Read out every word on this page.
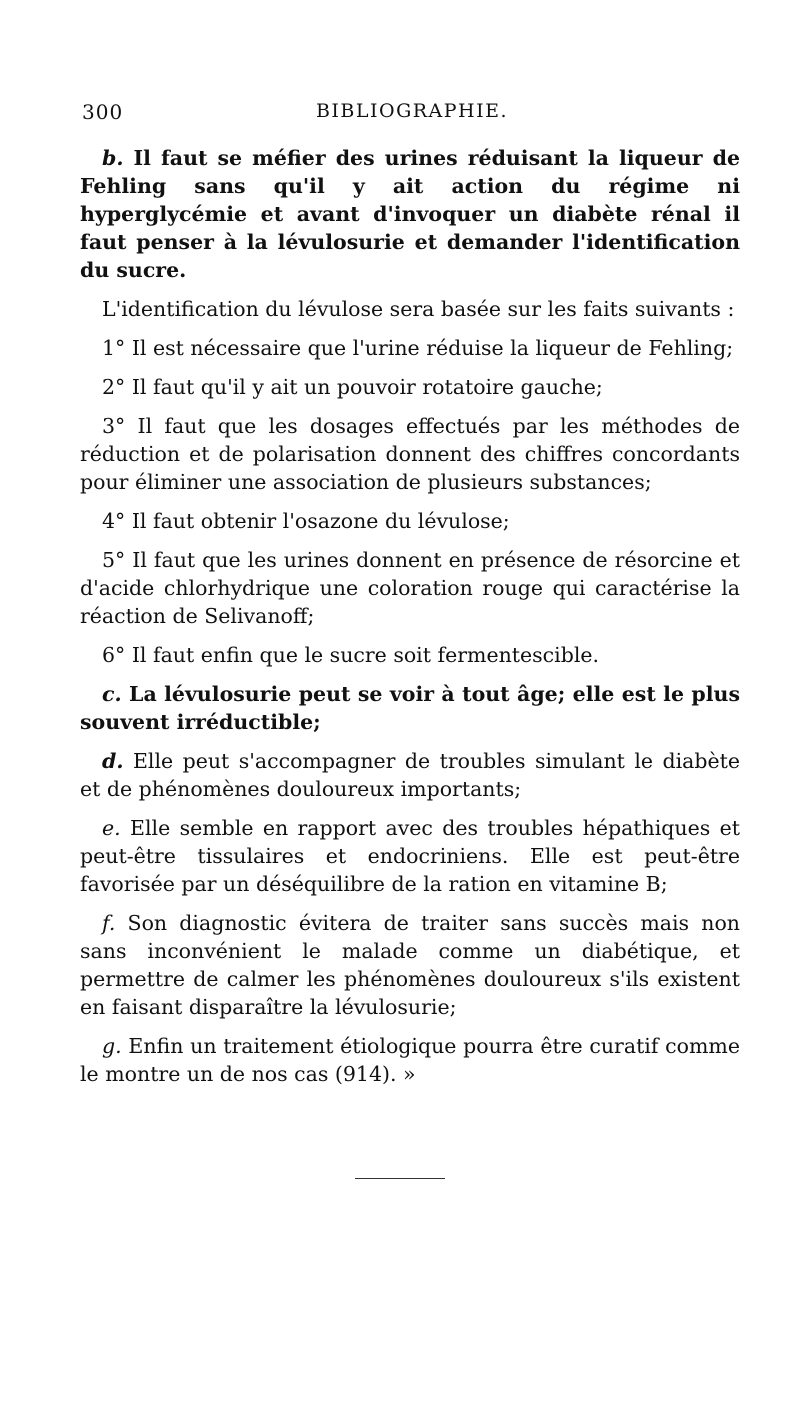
300	BIBLIOGRAPHIE.

b. Il faut se méfier des urines réduisant la liqueur de Fehling sans qu'il y ait action du régime ni hyperglycémie et avant d'invoquer un diabète rénal il faut penser à la lévulosurie et demander l'identification du sucre.

L'identification du lévulose sera basée sur les faits suivants :

1° Il est nécessaire que l'urine réduise la liqueur de Fehling;

2° Il faut qu'il y ait un pouvoir rotatoire gauche;

3° Il faut que les dosages effectués par les méthodes de réduction et de polarisation donnent des chiffres concordants pour éliminer une association de plusieurs substances;

4° Il faut obtenir l'osazone du lévulose;

5° Il faut que les urines donnent en présence de résorcine et d'acide chlorhydrique une coloration rouge qui caractérise la réaction de Selivanoff;

6° Il faut enfin que le sucre soit fermentescible.

c. La lévulosurie peut se voir à tout âge; elle est le plus souvent irréductible;

d. Elle peut s'accompagner de troubles simulant le diabète et de phénomènes douloureux importants;

e. Elle semble en rapport avec des troubles hépathiques et peut-être tissulaires et endocriniens. Elle est peut-être favorisée par un déséquilibre de la ration en vitamine B;

f. Son diagnostic évitera de traiter sans succès mais non sans inconvénient le malade comme un diabétique, et permettre de calmer les phénomènes douloureux s'ils existent en faisant disparaître la lévulosurie;

g. Enfin un traitement étiologique pourra être curatif comme le montre un de nos cas (914). »
